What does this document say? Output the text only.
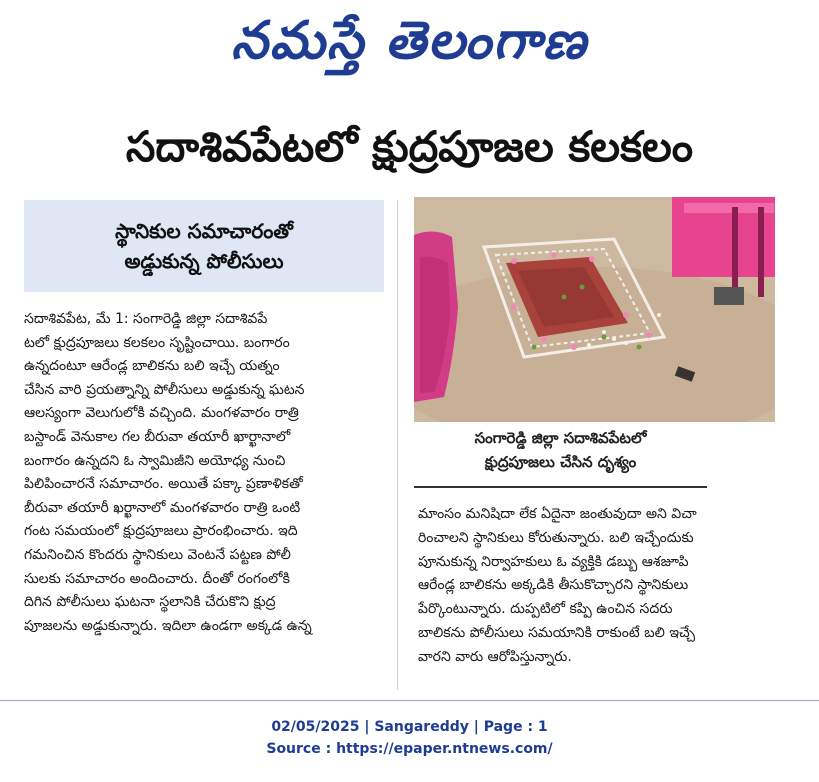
నమస్తే తెలంగాణ
సదాశివపేటలో క్షుద్రపూజల కలకలం
స్థానికుల సమాచారంతో
అడ్డుకున్న పోలీసులు
సదాశివపేట, మే 1: సంగారెడ్డి జిల్లా సదాశివపే
టలో క్షుద్రపూజలు కలకలం సృష్టించాయి. బంగారం
ఉన్నదంటూ ఆరేండ్ల బాలికను బలి ఇచ్చే యత్నం
చేసిన వారి ప్రయత్నాన్ని పోలీసులు అడ్డుకున్న ఘటన
ఆలస్యంగా వెలుగులోకి వచ్చింది. మంగళవారం రాత్రి
బస్టాండ్ వెనుకాల గల బీరువా తయారీ ఖార్ఖానాలో
బంగారం ఉన్నదని ఓ స్వామిజీని అయోధ్య నుంచి
పిలిపించారనే సమాచారం. అయితే పక్కా ప్రణాళికతో
బీరువా తయారీ ఖర్ఖానాలో మంగళవారం రాత్రి ఒంటి
గంట సమయంలో క్షుద్రపూజలు ప్రారంభించారు. ఇది
గమనించిన కొందరు స్థానికులు వెంటనే పట్టణ పోలీ
సులకు సమాచారం అందించారు. దీంతో రంగంలోకి
దిగిన పోలీసులు ఘటనా స్థలానికి చేరుకొని క్షుద్ర
పూజలను అడ్డుకున్నారు. ఇదిలా ఉండగా అక్కడ ఉన్న
సంగారెడ్డి జిల్లా సదాశివపేటలో
క్షుద్రపూజలు చేసిన దృశ్యం
మాంసం మనిషిదా లేక ఏదైనా జంతువుదా అని విచా
రించాలని స్థానికులు కోరుతున్నారు. బలి ఇచ్చేందుకు
పూనుకున్న నిర్వాహకులు ఓ వ్యక్తికి డబ్బు ఆశజూపి
ఆరేండ్ల బాలికను అక్కడికి తీసుకొచ్చారని స్థానికులు
పేర్కొంటున్నారు. దుప్పటిలో కప్పి ఉంచిన సదరు
బాలికను పోలీసులు సమయానికి రాకుంటే బలి ఇచ్చే
వారని వారు ఆరోపిస్తున్నారు.
02/05/2025 | Sangareddy | Page : 1
Source : https://epaper.ntnews.com/
